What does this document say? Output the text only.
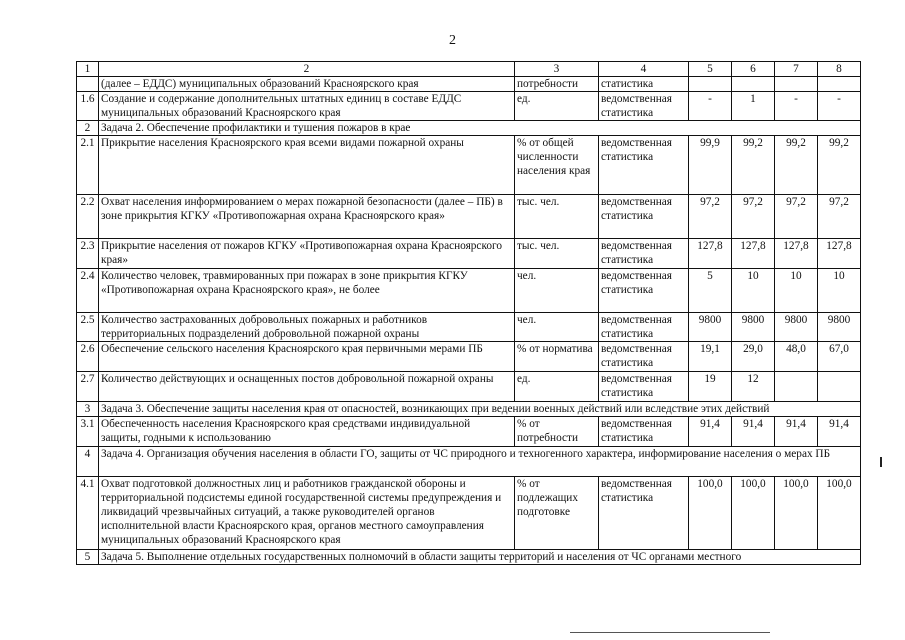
2
1	2	3	4	5	6	7	8
	(далее – ЕДДС) муниципальных образований Красноярского края	потребности	статистика				
1.6	Создание и содержание дополнительных штатных единиц в составе ЕДДС муниципальных образований Красноярского края	ед.	ведомственная статистика	-	1	-	-
2	Задача 2. Обеспечение профилактики и тушения пожаров в крае						
2.1	Прикрытие населения Красноярского края всеми видами пожарной охраны	% от общей численности населения края	ведомственная статистика	99,9	99,2	99,2	99,2
2.2	Охват населения информированием о мерах пожарной безопасности (далее – ПБ) в зоне прикрытия КГКУ «Противопожарная охрана Красноярского края»	тыс. чел.	ведомственная статистика	97,2	97,2	97,2	97,2
2.3	Прикрытие населения от пожаров КГКУ «Противопожарная охрана Красноярского края»	тыс. чел.	ведомственная статистика	127,8	127,8	127,8	127,8
2.4	Количество человек, травмированных при пожарах в зоне прикрытия КГКУ «Противопожарная охрана Красноярского края», не более	чел.	ведомственная статистика	5	10	10	10
2.5	Количество застрахованных добровольных пожарных и работников территориальных подразделений добровольной пожарной охраны	чел.	ведомственная статистика	9800	9800	9800	9800
2.6	Обеспечение сельского населения Красноярского края первичными мерами ПБ	% от норматива	ведомственная статистика	19,1	29,0	48,0	67,0
2.7	Количество действующих и оснащенных постов добровольной пожарной охраны	ед.	ведомственная статистика	19	12		
3	Задача 3. Обеспечение защиты населения края от опасностей, возникающих при ведении военных действий или вследствие этих действий						
3.1	Обеспеченность населения Красноярского края средствами индивидуальной защиты, годными к использованию	% от потребности	ведомственная статистика	91,4	91,4	91,4	91,4
4	Задача 4. Организация обучения населения в области ГО, защиты от ЧС природного и техногенного характера, информирование населения о мерах ПБ						
4.1	Охват подготовкой должностных лиц и работников гражданской обороны и территориальной подсистемы единой государственной системы предупреждения и ликвидаций чрезвычайных ситуаций, а также руководителей органов исполнительной власти Красноярского края, органов местного самоуправления муниципальных образований Красноярского края	% от подлежащих подготовке	ведомственная статистика	100,0	100,0	100,0	100,0
5	Задача 5. Выполнение отдельных государственных полномочий в области защиты территорий и населения от ЧС органами местного						
